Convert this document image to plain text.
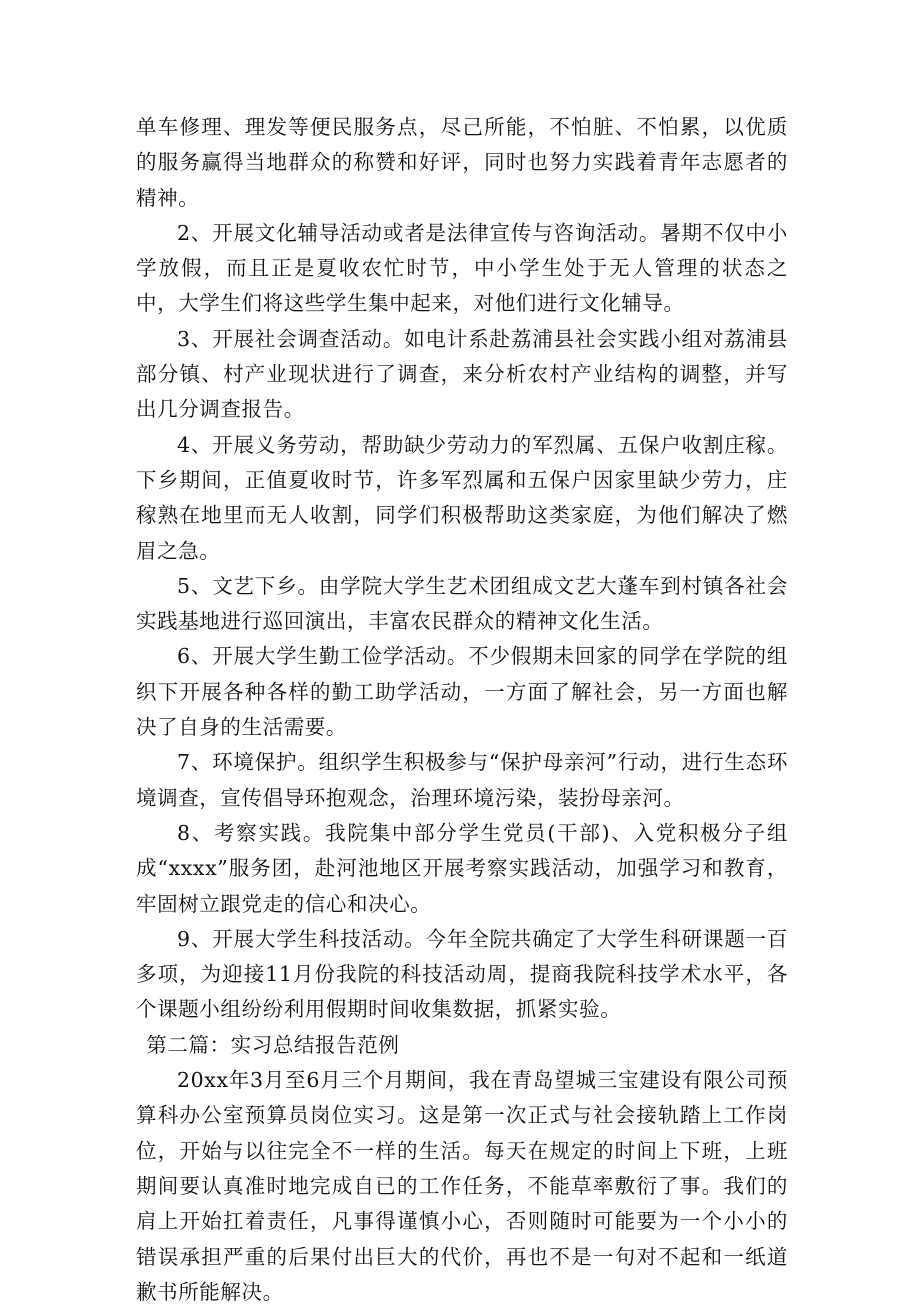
单车修理、理发等便民服务点，尽己所能，不怕脏、不怕累，以优质的服务赢得当地群众的称赞和好评，同时也努力实践着青年志愿者的精神。

2、开展文化辅导活动或者是法律宣传与咨询活动。暑期不仅中小学放假，而且正是夏收农忙时节，中小学生处于无人管理的状态之中，大学生们将这些学生集中起来，对他们进行文化辅导。

3、开展社会调查活动。如电计系赴荔浦县社会实践小组对荔浦县部分镇、村产业现状进行了调查，来分析农村产业结构的调整，并写出几分调查报告。

4、开展义务劳动，帮助缺少劳动力的军烈属、五保户收割庄稼。下乡期间，正值夏收时节，许多军烈属和五保户因家里缺少劳力，庄稼熟在地里而无人收割，同学们积极帮助这类家庭，为他们解决了燃眉之急。

5、文艺下乡。由学院大学生艺术团组成文艺大蓬车到村镇各社会实践基地进行巡回演出，丰富农民群众的精神文化生活。

6、开展大学生勤工俭学活动。不少假期未回家的同学在学院的组织下开展各种各样的勤工助学活动，一方面了解社会，另一方面也解决了自身的生活需要。

7、环境保护。组织学生积极参与“保护母亲河”行动，进行生态环境调查，宣传倡导环抱观念，治理环境污染，装扮母亲河。

8、考察实践。我院集中部分学生党员(干部)、入党积极分子组成“xxxx”服务团，赴河池地区开展考察实践活动，加强学习和教育，牢固树立跟党走的信心和决心。

9、开展大学生科技活动。今年全院共确定了大学生科研课题一百多项，为迎接11月份我院的科技活动周，提商我院科技学术水平，各个课题小组纷纷利用假期时间收集数据，抓紧实验。

第二篇：实习总结报告范例

20xx年3月至6月三个月期间，我在青岛望城三宝建设有限公司预算科办公室预算员岗位实习。这是第一次正式与社会接轨踏上工作岗位，开始与以往完全不一样的生活。每天在规定的时间上下班，上班期间要认真准时地完成自已的工作任务，不能草率敷衍了事。我们的肩上开始扛着责任，凡事得谨慎小心，否则随时可能要为一个小小的错误承担严重的后果付出巨大的代价，再也不是一句对不起和一纸道歉书所能解决。
